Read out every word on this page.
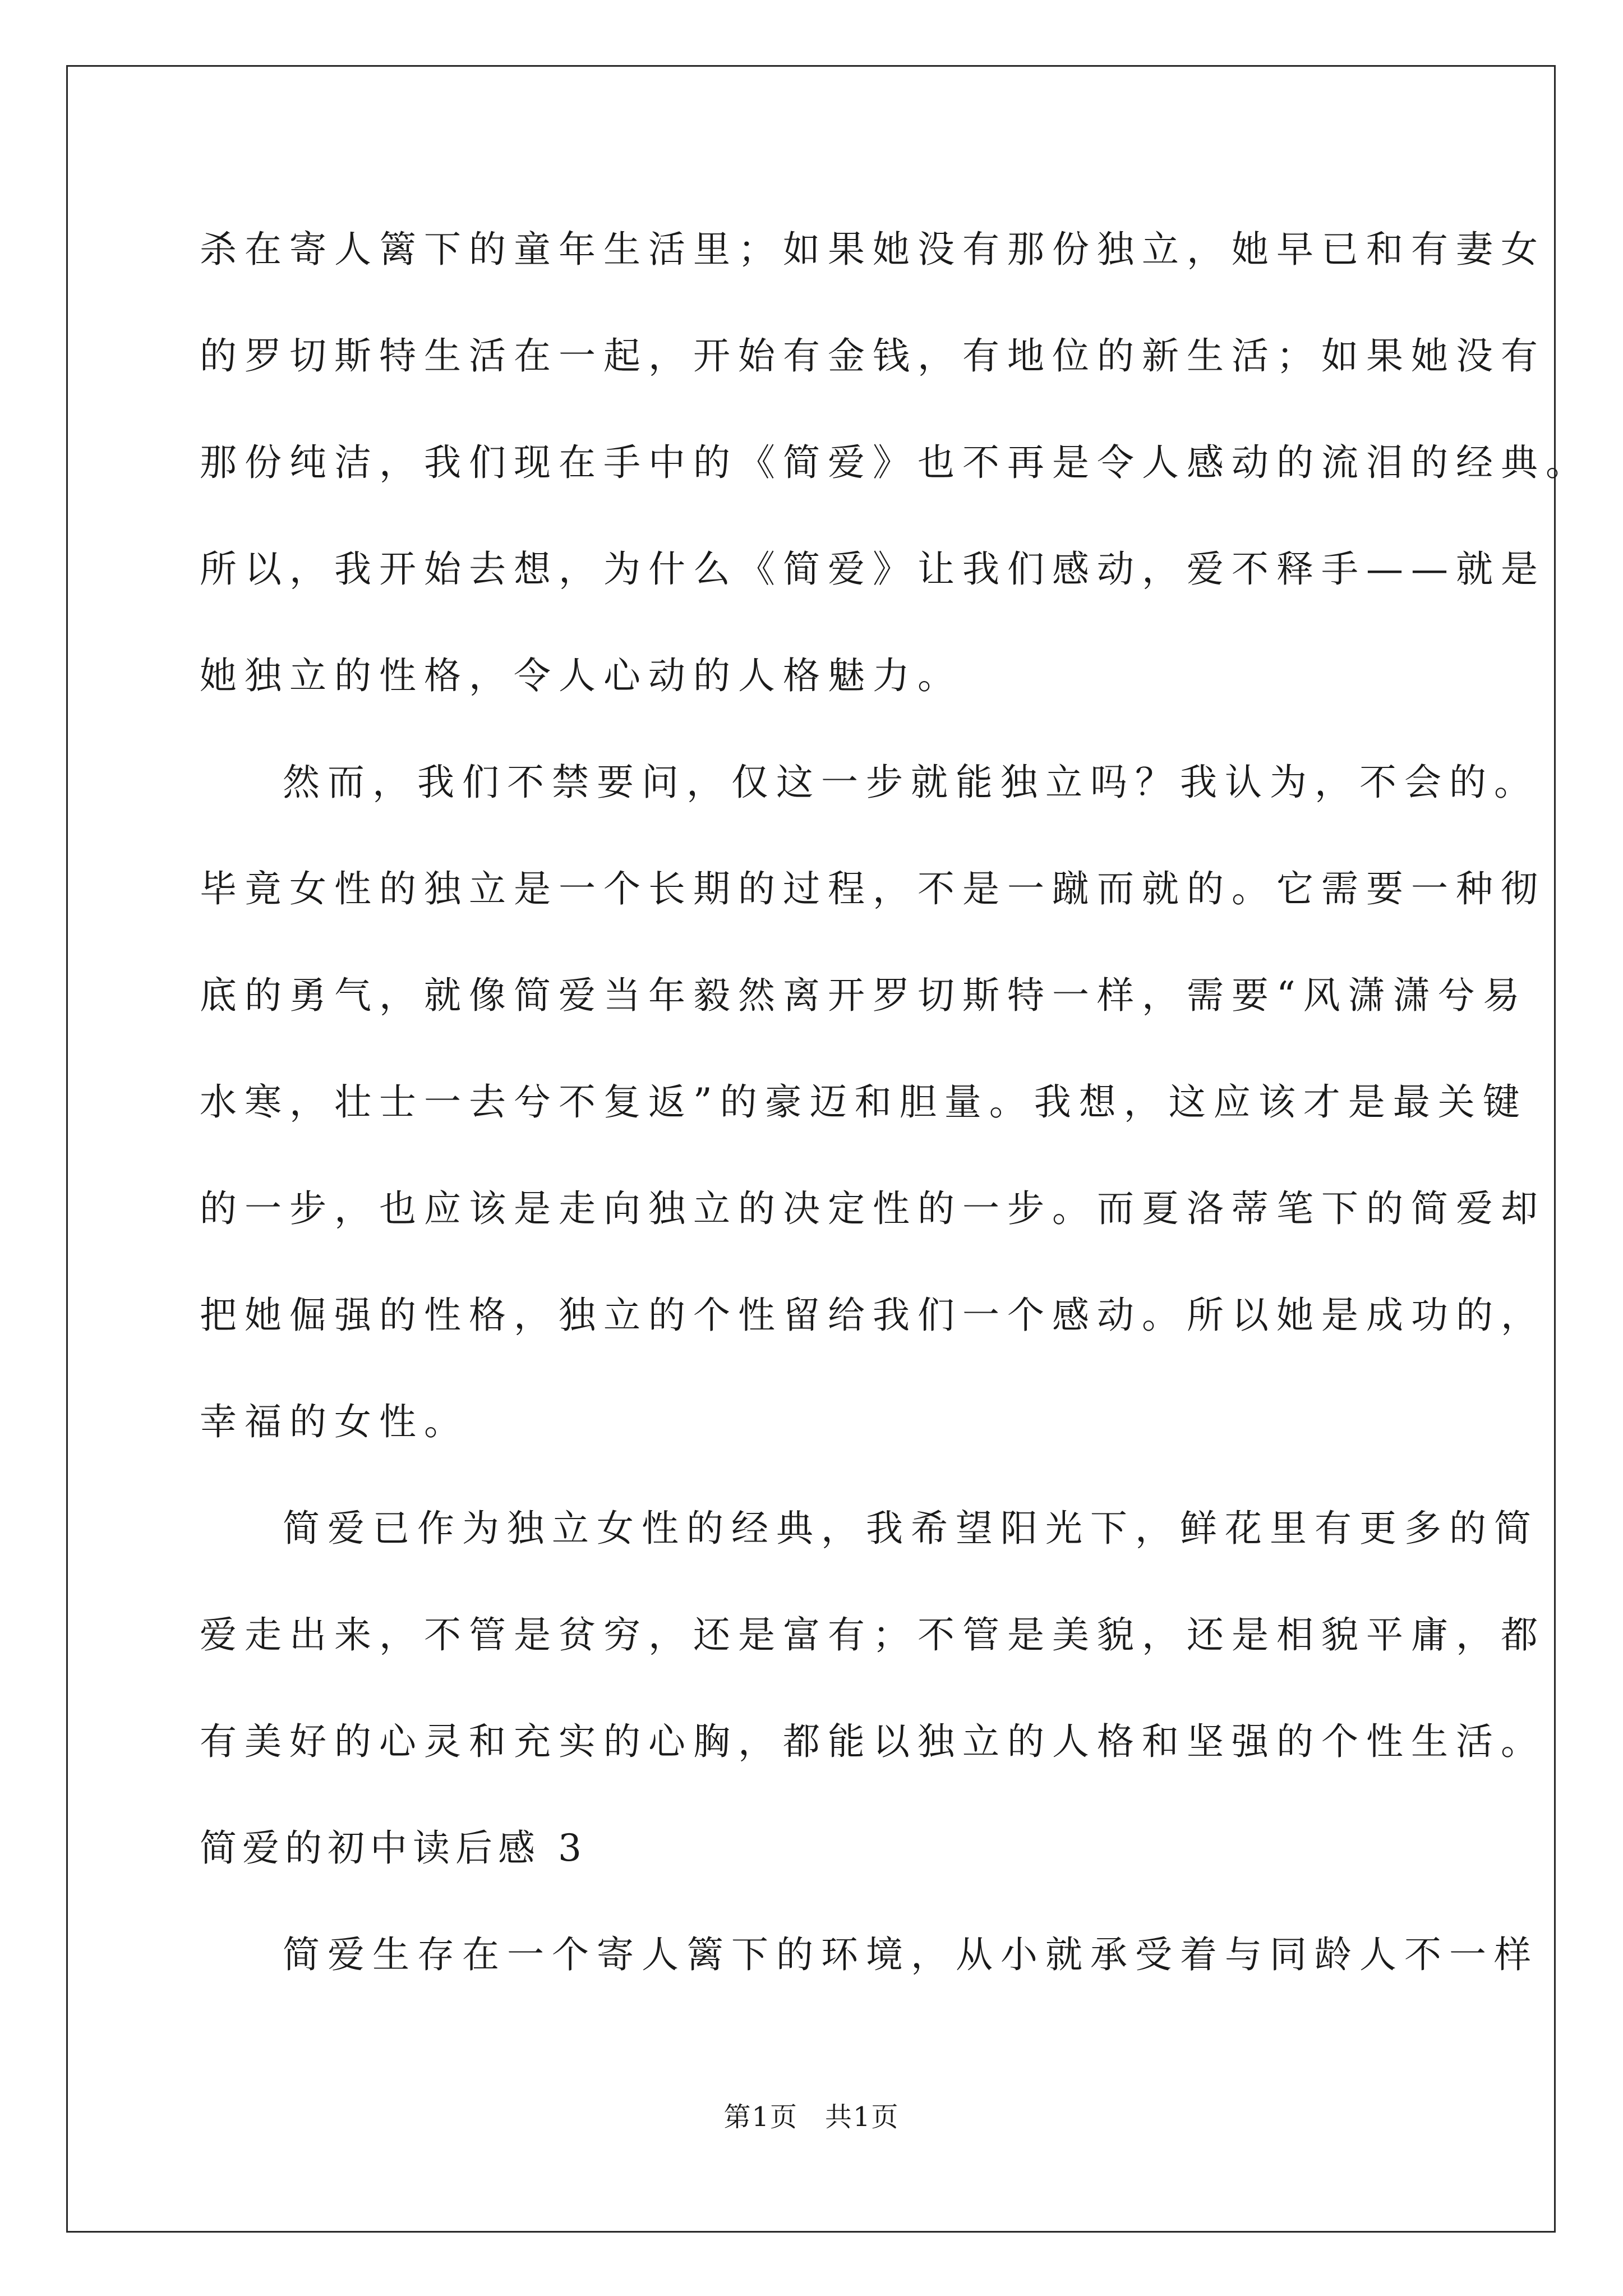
杀在寄人篱下的童年生活里；如果她没有那份独立，她早已和有妻女
的罗切斯特生活在一起，开始有金钱，有地位的新生活；如果她没有
那份纯洁，我们现在手中的《简爱》也不再是令人感动的流泪的经典。
所以，我开始去想，为什么《简爱》让我们感动，爱不释手——就是
她独立的性格，令人心动的人格魅力。
然而，我们不禁要问，仅这一步就能独立吗？我认为，不会的。
毕竟女性的独立是一个长期的过程，不是一蹴而就的。它需要一种彻
底的勇气，就像简爱当年毅然离开罗切斯特一样，需要“风潇潇兮易
水寒，壮士一去兮不复返”的豪迈和胆量。我想，这应该才是最关键
的一步，也应该是走向独立的决定性的一步。而夏洛蒂笔下的简爱却
把她倔强的性格，独立的个性留给我们一个感动。所以她是成功的，
幸福的女性。
简爱已作为独立女性的经典，我希望阳光下，鲜花里有更多的简
爱走出来，不管是贫穷，还是富有；不管是美貌，还是相貌平庸，都
有美好的心灵和充实的心胸，都能以独立的人格和坚强的个性生活。
简爱的初中读后感 3
简爱生存在一个寄人篱下的环境，从小就承受着与同龄人不一样
第1页 共1页
